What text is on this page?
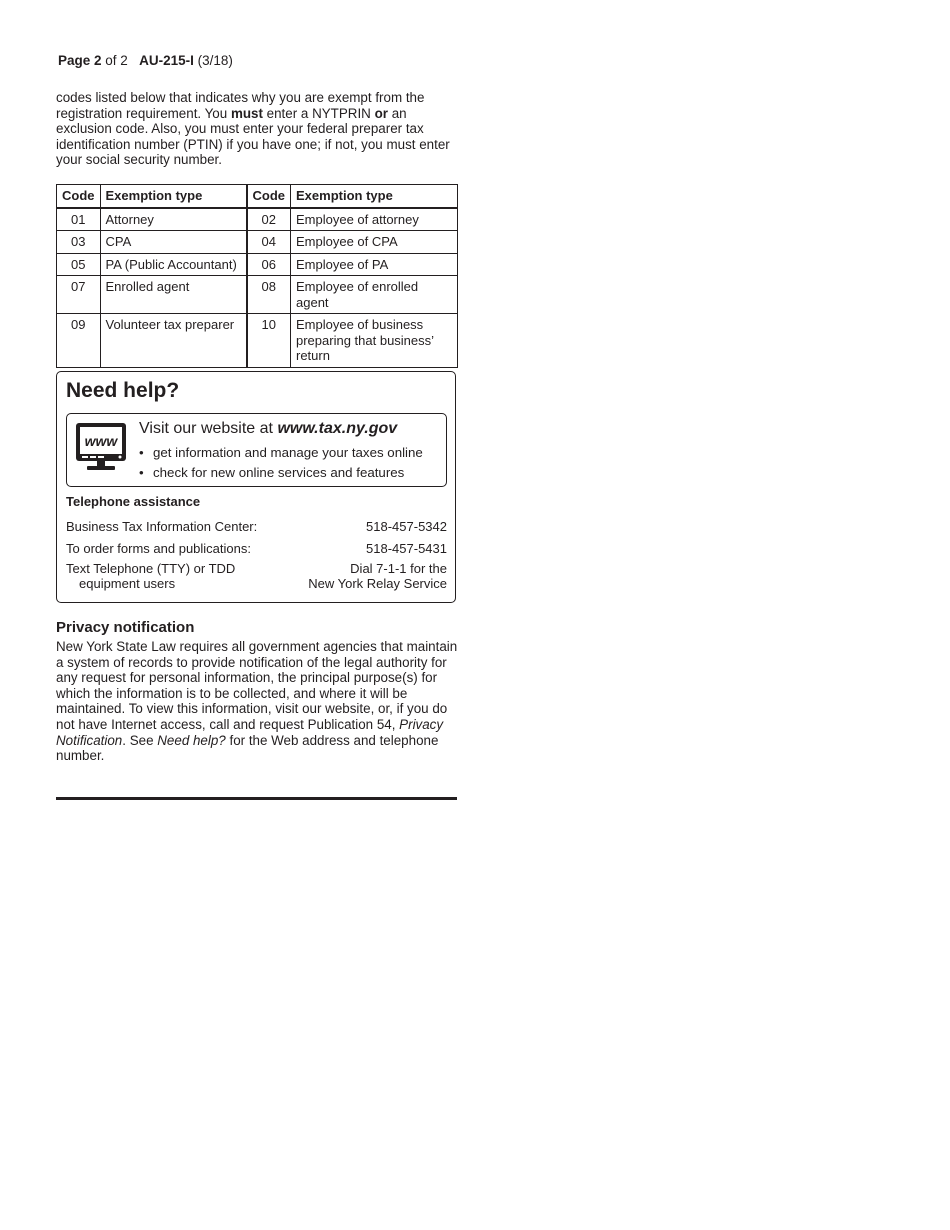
Page 2 of 2 AU-215-I (3/18)
codes listed below that indicates why you are exempt from the registration requirement. You must enter a NYTPRIN or an exclusion code. Also, you must enter your federal preparer tax identification number (PTIN) if you have one; if not, you must enter your social security number.
Code	Exemption type	Code	Exemption type
01	Attorney	02	Employee of attorney
03	CPA	04	Employee of CPA
05	PA (Public Accountant)	06	Employee of PA
07	Enrolled agent	08	Employee of enrolled agent
09	Volunteer tax preparer	10	Employee of business preparing that business’ return
Need help?
www
Visit our website at www.tax.ny.gov
• get information and manage your taxes online
• check for new online services and features
Telephone assistance
Business Tax Information Center:	518-457-5342
To order forms and publications:	518-457-5431
Text Telephone (TTY) or TDD
equipment users
Dial 7-1-1 for the
New York Relay Service
Privacy notification
New York State Law requires all government agencies that maintain a system of records to provide notification of the legal authority for any request for personal information, the principal purpose(s) for which the information is to be collected, and where it will be maintained. To view this information, visit our website, or, if you do not have Internet access, call and request Publication 54, Privacy Notification. See Need help? for the Web address and telephone number.
